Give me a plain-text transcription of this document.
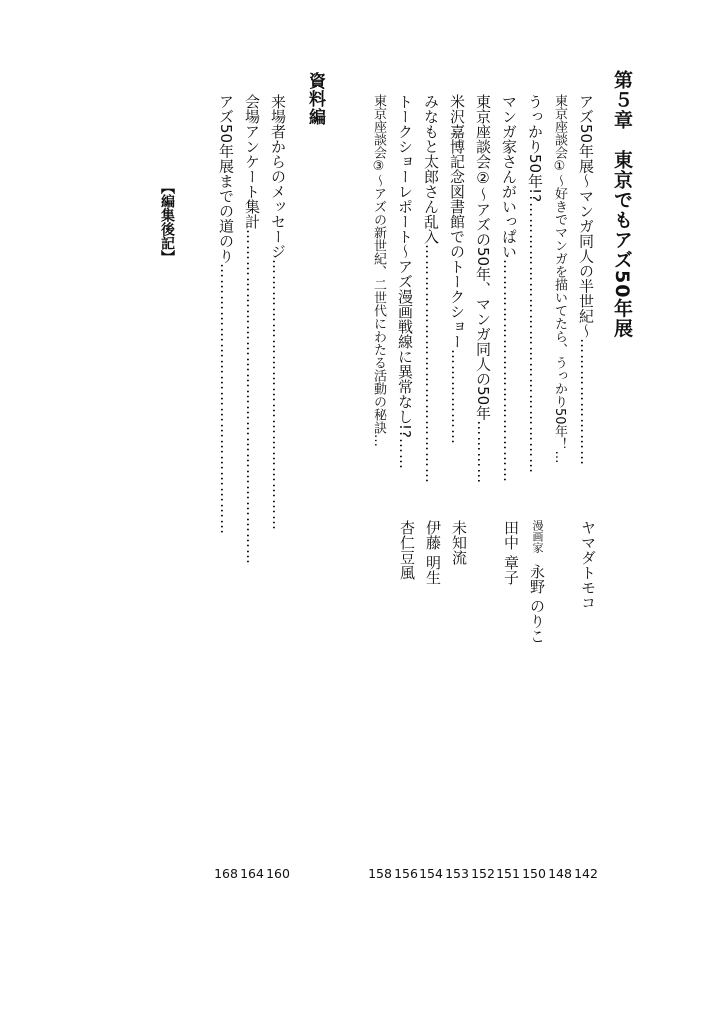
第５章　東京でもアズ50年展
アズ50年展～マンガ同人の半世紀～……………………
ヤマダトモコ
東京座談会①～好きでマンガを描いてたら、うっかり50年！…
うっかり50年!?……………………………………………
漫画家 永野 のりこ
マンガ家さんがいっぱい……………………………………
田中 章子
東京座談会②～アズの50年、マンガ同人の50年…………
米沢嘉博記念図書館でのトークショー………………
未知流
みなもと太郎さん乱入………………………………………
伊藤 明生
トークショーレポート～アズ漫画戦線に異常なし!?……
杏仁豆風
東京座談会③～アズの新世紀、二世代にわたる活動の秘訣…
資料編
来場者からのメッセージ……………………………………………
会場アンケート集計………………………………………………………
アズ50年展までの道のり……………………………………………
【編集後記】
142
148
150
151
152
153
154
156
158
160
164
168
